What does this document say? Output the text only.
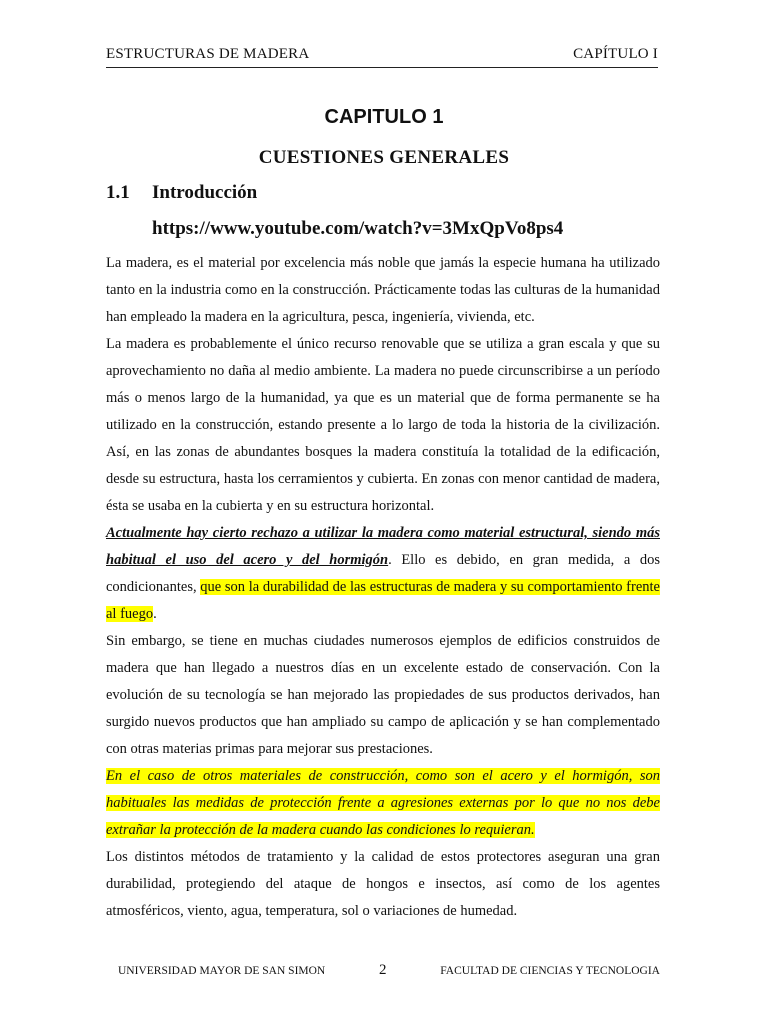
ESTRUCTURAS DE MADERA	CAPÍTULO I
CAPITULO 1
CUESTIONES GENERALES
1.1 Introducción
https://www.youtube.com/watch?v=3MxQpVo8ps4

La madera, es el material por excelencia más noble que jamás la especie humana ha utilizado tanto en la industria como en la construcción. Prácticamente todas las culturas de la humanidad han empleado la madera en la agricultura, pesca, ingeniería, vivienda, etc.

La madera es probablemente el único recurso renovable que se utiliza a gran escala y que su aprovechamiento no daña al medio ambiente. La madera no puede circunscribirse a un período más o menos largo de la humanidad, ya que es un material que de forma permanente se ha utilizado en la construcción, estando presente a lo largo de toda la historia de la civilización. Así, en las zonas de abundantes bosques la madera constituía la totalidad de la edificación, desde su estructura, hasta los cerramientos y cubierta. En zonas con menor cantidad de madera, ésta se usaba en la cubierta y en su estructura horizontal.

Actualmente hay cierto rechazo a utilizar la madera como material estructural, siendo más habitual el uso del acero y del hormigón. Ello es debido, en gran medida, a dos condicionantes, que son la durabilidad de las estructuras de madera y su comportamiento frente al fuego.

Sin embargo, se tiene en muchas ciudades numerosos ejemplos de edificios construidos de madera que han llegado a nuestros días en un excelente estado de conservación. Con la evolución de su tecnología se han mejorado las propiedades de sus productos derivados, han surgido nuevos productos que han ampliado su campo de aplicación y se han complementado con otras materias primas para mejorar sus prestaciones.

En el caso de otros materiales de construcción, como son el acero y el hormigón, son habituales las medidas de protección frente a agresiones externas por lo que no nos debe extrañar la protección de la madera cuando las condiciones lo requieran.

Los distintos métodos de tratamiento y la calidad de estos protectores aseguran una gran durabilidad, protegiendo del ataque de hongos e insectos, así como de los agentes atmosféricos, viento, agua, temperatura, sol o variaciones de humedad.

UNIVERSIDAD MAYOR DE SAN SIMON	2	FACULTAD DE CIENCIAS Y TECNOLOGIA
